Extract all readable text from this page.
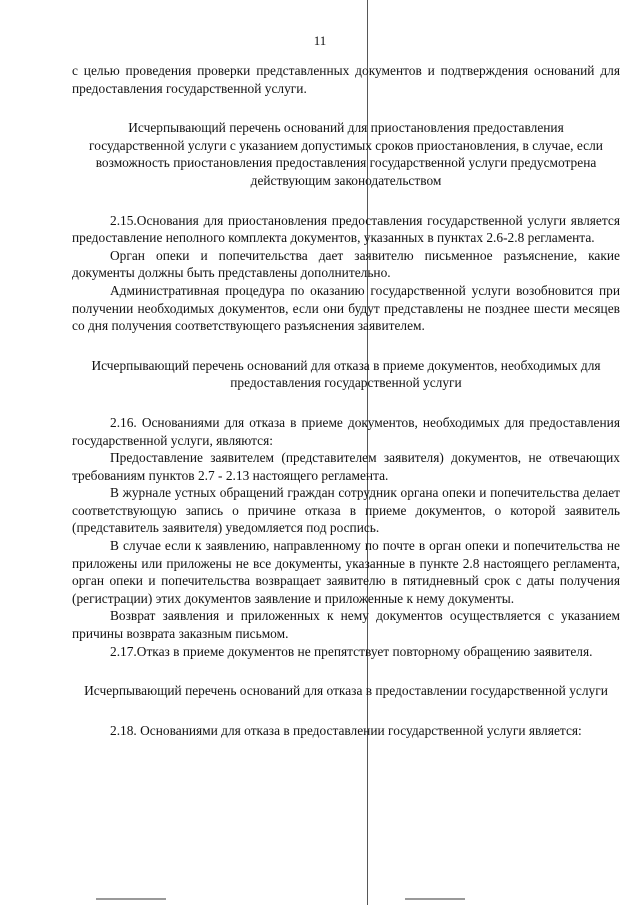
11

с целью проведения проверки представленных документов и подтверждения оснований для предоставления государственной услуги.

Исчерпывающий перечень оснований для приостановления предоставления государственной услуги с указанием допустимых сроков приостановления, в случае, если возможность приостановления предоставления государственной услуги предусмотрена действующим законодательством

2.15.Основания для приостановления предоставления государственной услуги является предоставление неполного комплекта документов, указанных в пунктах 2.6-2.8 регламента.

Орган опеки и попечительства дает заявителю письменное разъяснение, какие документы должны быть представлены дополнительно.

Административная процедура по оказанию государственной услуги возобновится при получении необходимых документов, если они будут представлены не позднее шести месяцев со дня получения соответствующего разъяснения заявителем.

Исчерпывающий перечень оснований для отказа в приеме документов, необходимых для предоставления государственной услуги

2.16. Основаниями для отказа в приеме документов, необходимых для предоставления государственной услуги, являются:

Предоставление заявителем (представителем заявителя) документов, не отвечающих требованиям пунктов 2.7 - 2.13 настоящего регламента.

В журнале устных обращений граждан сотрудник органа опеки и попечительства делает соответствующую запись о причине отказа в приеме документов, о которой заявитель (представитель заявителя) уведомляется под роспись.

В случае если к заявлению, направленному по почте в орган опеки и попечительства не приложены или приложены не все документы, указанные в пункте 2.8 настоящего регламента, орган опеки и попечительства возвращает заявителю в пятидневный срок с даты получения (регистрации) этих документов заявление и приложенные к нему документы.

Возврат заявления и приложенных к нему документов осуществляется с указанием причины возврата заказным письмом.

2.17.Отказ в приеме документов не препятствует повторному обращению заявителя.

Исчерпывающий перечень оснований для отказа в предоставлении государственной услуги

2.18. Основаниями для отказа в предоставлении государственной услуги является:
